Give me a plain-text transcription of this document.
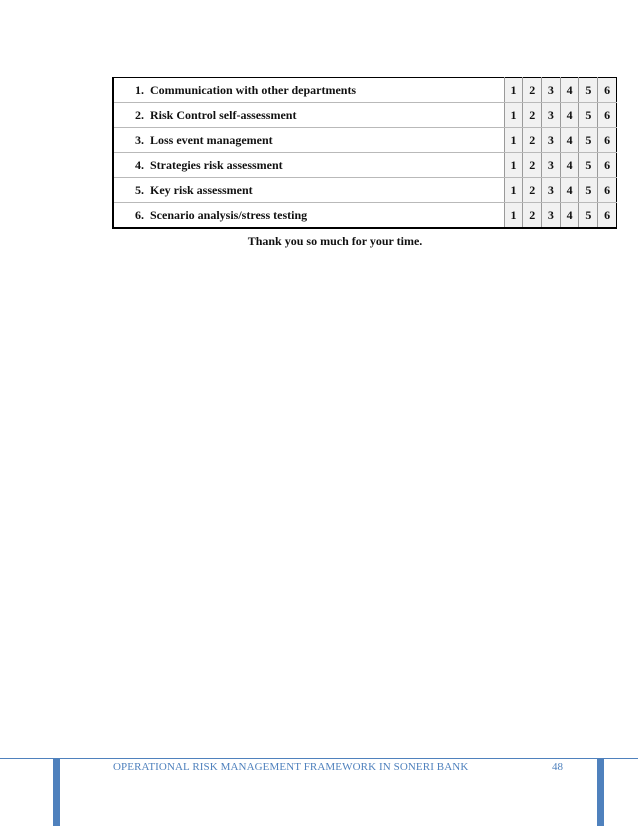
1. Communication with other departments	1	2	3	4	5	6
2. Risk Control self-assessment	1	2	3	4	5	6
3. Loss event management	1	2	3	4	5	6
4. Strategies risk assessment	1	2	3	4	5	6
5. Key risk assessment	1	2	3	4	5	6
6. Scenario analysis/stress testing	1	2	3	4	5	6
Thank you so much for your time.
OPERATIONAL RISK MANAGEMENT FRAMEWORK IN SONERI BANK	48
